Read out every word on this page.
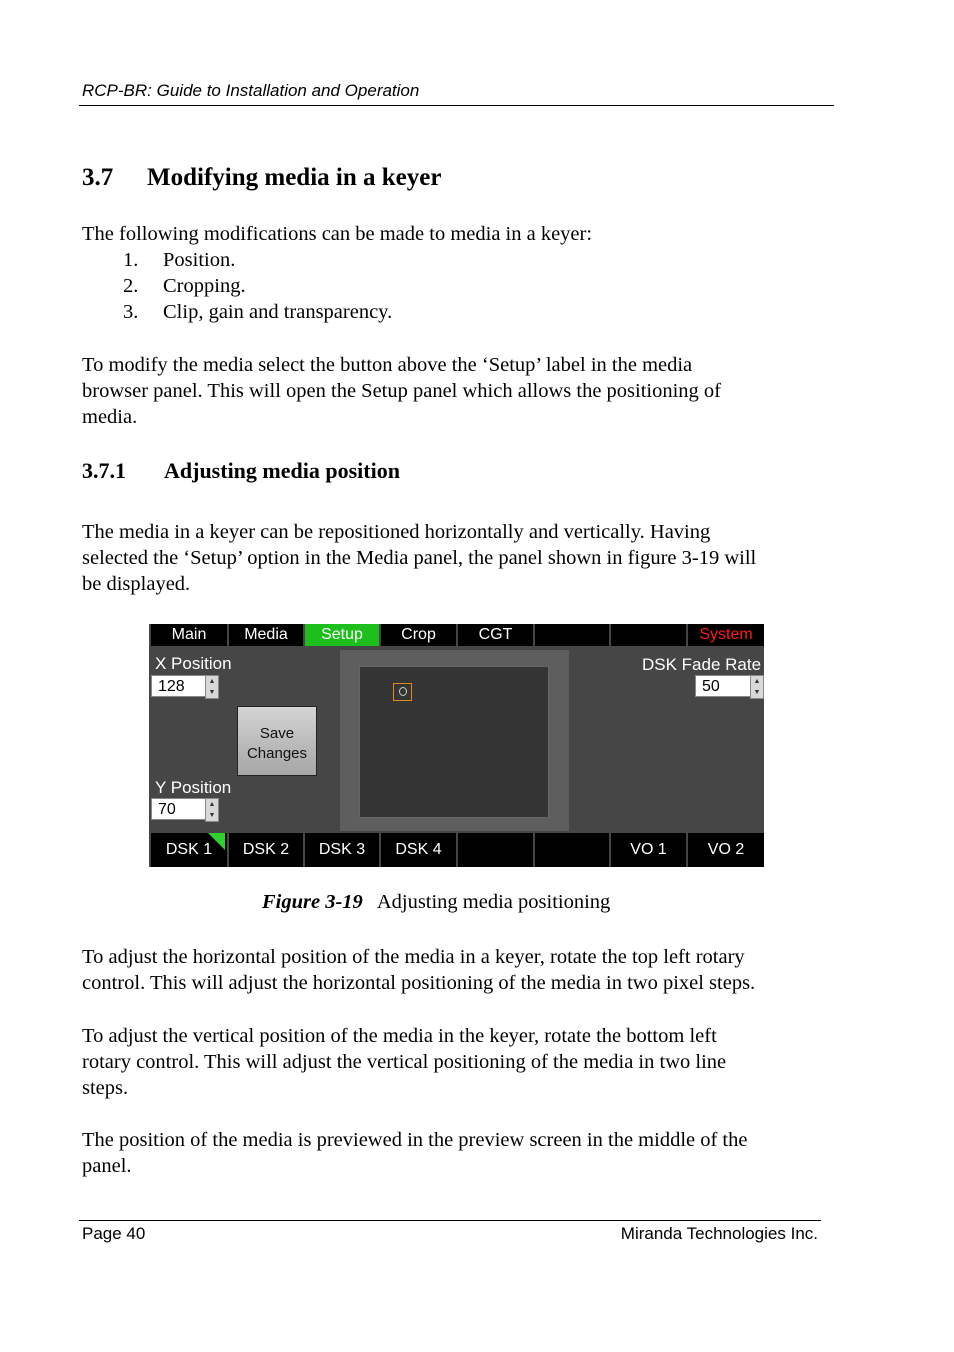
RCP-BR: Guide to Installation and Operation
3.7 Modifying media in a keyer
The following modifications can be made to media in a keyer:
1. Position.
2. Cropping.
3. Clip, gain and transparency.
To modify the media select the button above the ‘Setup’ label in the media
browser panel. This will open the Setup panel which allows the positioning of
media.
3.7.1 Adjusting media position
The media in a keyer can be repositioned horizontally and vertically. Having
selected the ‘Setup’ option in the Media panel, the panel shown in figure 3-19 will
be displayed.
Main	Media	Setup	Crop	CGT	System
X Position
128	▲
▼
Save
Changes
Y Position
70	▲
▼
DSK Fade Rate
50	▲
▼
DSK 1	DSK 2	DSK 3	DSK 4	VO 1	VO 2
Figure 3-19 Adjusting media positioning
To adjust the horizontal position of the media in a keyer, rotate the top left rotary
control. This will adjust the horizontal positioning of the media in two pixel steps.
To adjust the vertical position of the media in the keyer, rotate the bottom left
rotary control. This will adjust the vertical positioning of the media in two line
steps.
The position of the media is previewed in the preview screen in the middle of the
panel.
Page 40	Miranda Technologies Inc.
